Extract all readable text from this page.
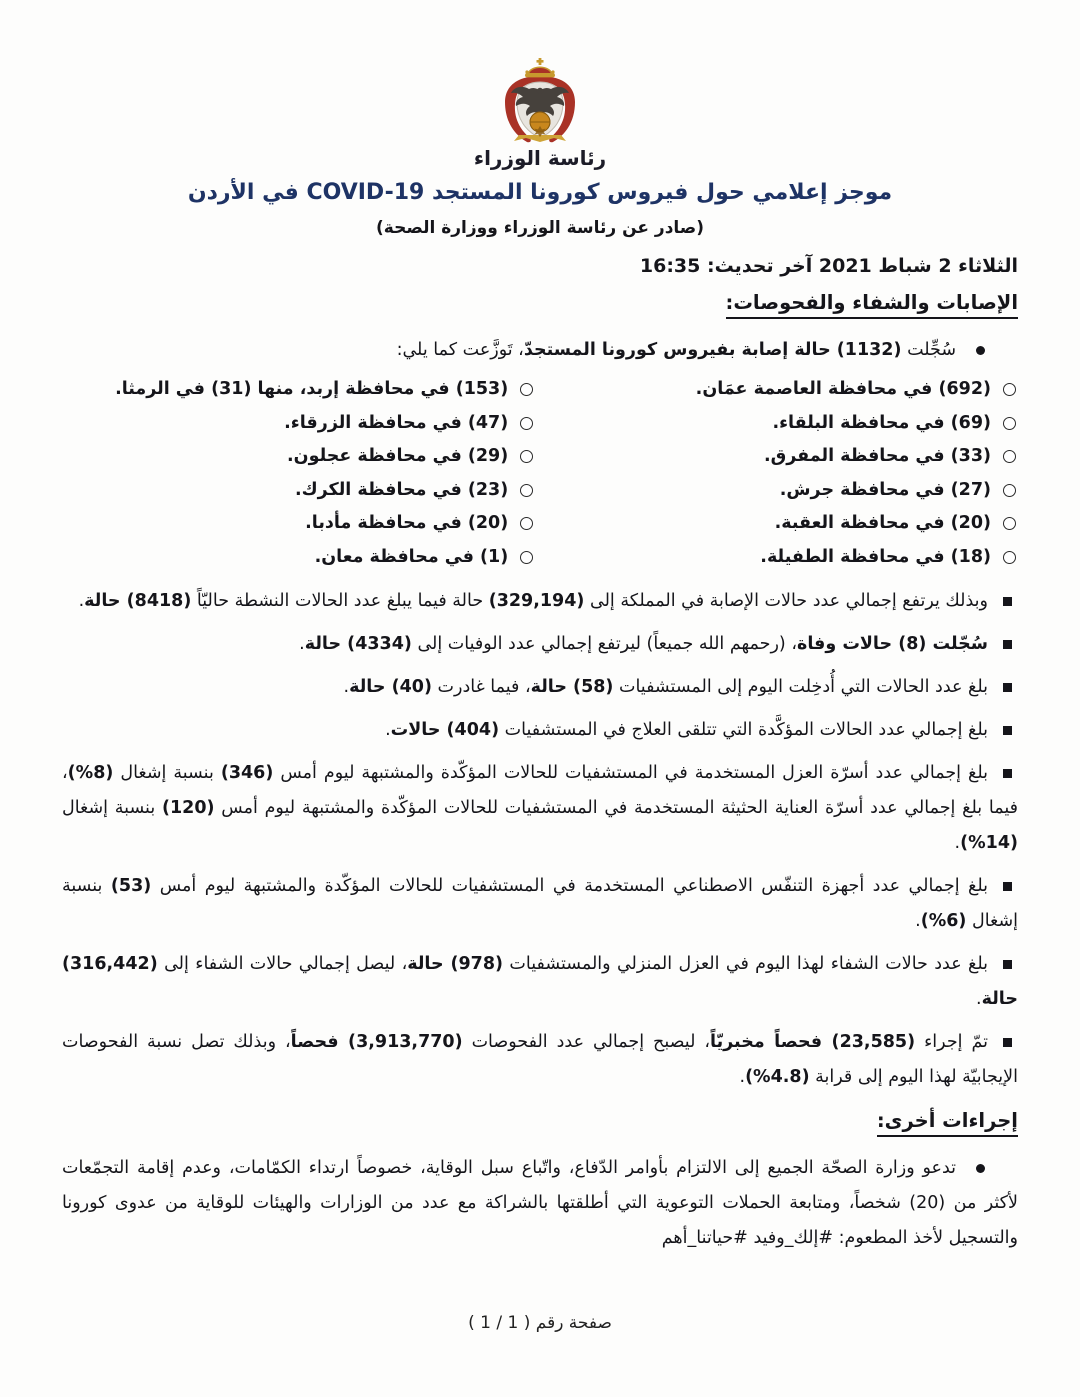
رئاسة الوزراء
موجز إعلامي حول فيروس كورونا المستجد COVID-19 في الأردن
(صادر عن رئاسة الوزراء ووزارة الصحة)
الثلاثاء 2 شباط 2021 آخر تحديث: 16:35
الإصابات والشفاء والفحوصات:
سُجِّلت (1132) حالة إصابة بفيروس كورونا المستجدّ، تَوزَّعت كما يلي:
(692) في محافظة العاصمة عمَان.
(153) في محافظة إربد، منها (31) في الرمثا.
(69) في محافظة البلقاء.
(47) في محافظة الزرقاء.
(33) في محافظة المفرق.
(29) في محافظة عجلون.
(27) في محافظة جرش.
(23) في محافظة الكرك.
(20) في محافظة العقبة.
(20) في محافظة مأدبا.
(18) في محافظة الطفيلة.
(1) في محافظة معان.
وبذلك يرتفع إجمالي عدد حالات الإصابة في المملكة إلى (329,194) حالة فيما يبلغ عدد الحالات النشطة حاليّاً (8418) حالة.
سُجّلت (8) حالات وفاة، (رحمهم الله جميعاً) ليرتفع إجمالي عدد الوفيات إلى (4334) حالة.
بلغ عدد الحالات التي أُدخِلت اليوم إلى المستشفيات (58) حالة، فيما غادرت (40) حالة.
بلغ إجمالي عدد الحالات المؤكَّدة التي تتلقى العلاج في المستشفيات (404) حالات.
بلغ إجمالي عدد أسرّة العزل المستخدمة في المستشفيات للحالات المؤكّدة والمشتبهة ليوم أمس (346) بنسبة إشغال (%8)، فيما بلغ إجمالي عدد أسرّة العناية الحثيثة المستخدمة في المستشفيات للحالات المؤكّدة والمشتبهة ليوم أمس (120) بنسبة إشغال (%14).
بلغ إجمالي عدد أجهزة التنفّس الاصطناعي المستخدمة في المستشفيات للحالات المؤكّدة والمشتبهة ليوم أمس (53) بنسبة إشغال (%6).
بلغ عدد حالات الشفاء لهذا اليوم في العزل المنزلي والمستشفيات (978) حالة، ليصل إجمالي حالات الشفاء إلى (316,442) حالة.
تمّ إجراء (23,585) فحصاً مخبريّاً، ليصبح إجمالي عدد الفحوصات (3,913,770) فحصاً، وبذلك تصل نسبة الفحوصات الإيجابيّة لهذا اليوم إلى قرابة (%4.8).
إجراءات أخرى:
تدعو وزارة الصحّة الجميع إلى الالتزام بأوامر الدّفاع، واتّباع سبل الوقاية، خصوصاً ارتداء الكمّامات، وعدم إقامة التجمّعات لأكثر من (20) شخصاً، ومتابعة الحملات التوعوية التي أطلقتها بالشراكة مع عدد من الوزارات والهيئات للوقاية من عدوى كورونا والتسجيل لأخذ المطعوم: #إلك_وفيد #حياتنا_أهم
صفحة رقم ( 1 / 1 )
